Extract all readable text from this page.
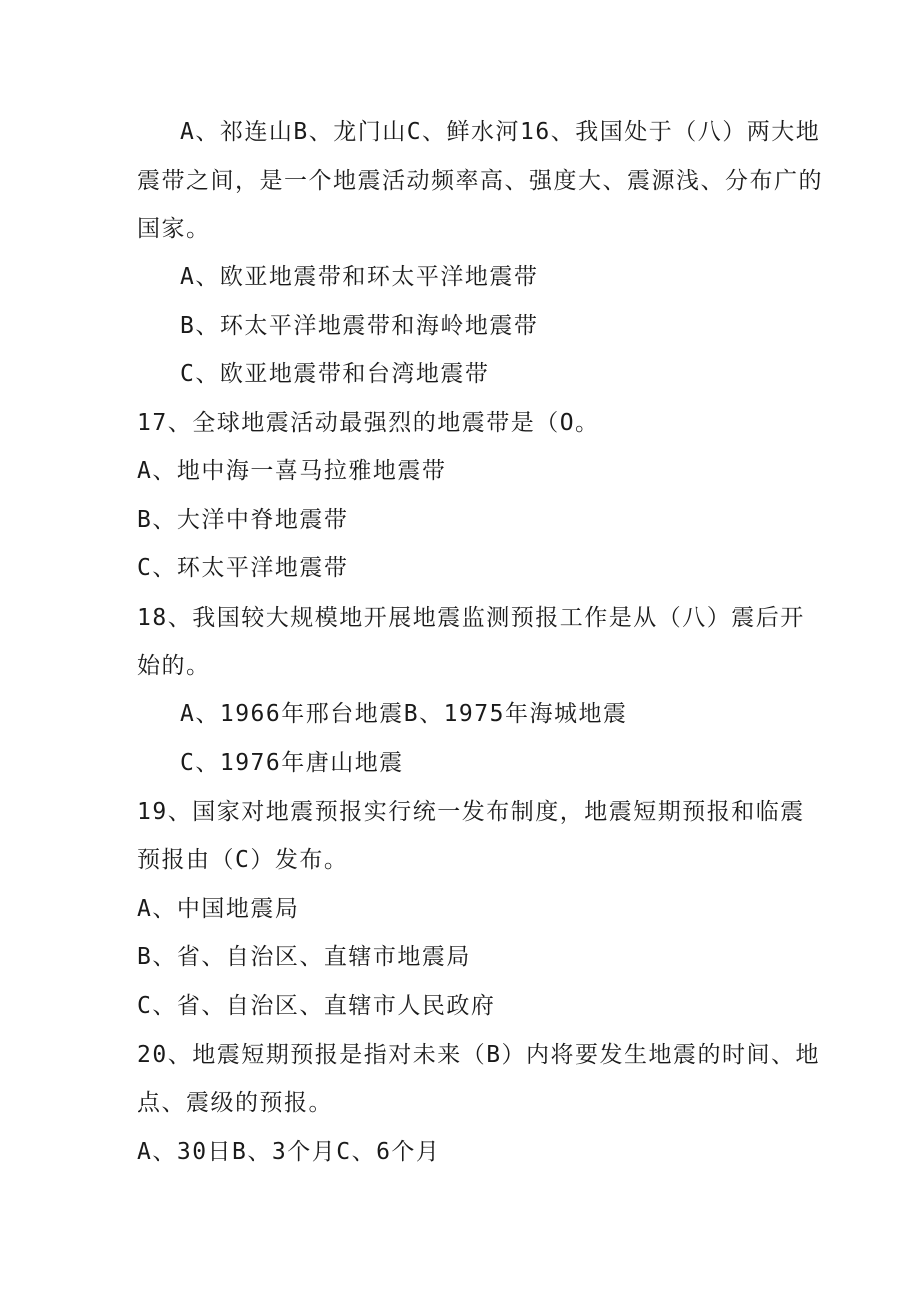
A、祁连山B、龙门山C、鲜水河16、我国处于（八）两大地
震带之间，是一个地震活动频率高、强度大、震源浅、分布广的
国家。
A、欧亚地震带和环太平洋地震带
B、环太平洋地震带和海岭地震带
C、欧亚地震带和台湾地震带
17、全球地震活动最强烈的地震带是（O。
A、地中海一喜马拉雅地震带
B、大洋中脊地震带
C、环太平洋地震带
18、我国较大规模地开展地震监测预报工作是从（八）震后开
始的。
A、1966年邢台地震B、1975年海城地震
C、1976年唐山地震
19、国家对地震预报实行统一发布制度，地震短期预报和临震
预报由（C）发布。
A、中国地震局
B、省、自治区、直辖市地震局
C、省、自治区、直辖市人民政府
20、地震短期预报是指对未来（B）内将要发生地震的时间、地
点、震级的预报。
A、30日B、3个月C、6个月
